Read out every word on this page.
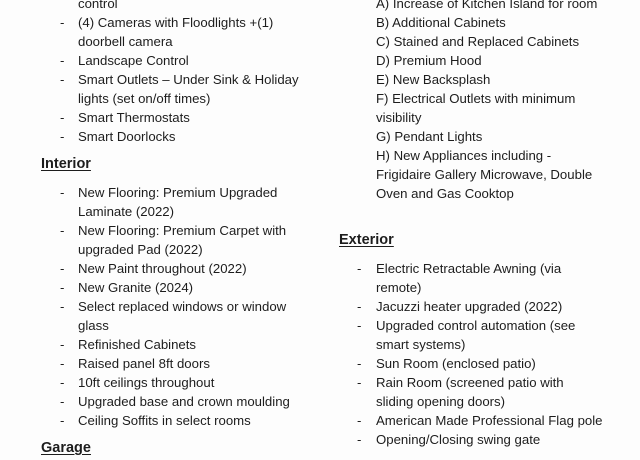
control
- (4) Cameras with Floodlights +(1)
doorbell camera
- Landscape Control
- Smart Outlets – Under Sink & Holiday
lights (set on/off times)
- Smart Thermostats
- Smart Doorlocks
Interior
- New Flooring: Premium Upgraded
Laminate (2022)
- New Flooring: Premium Carpet with
upgraded Pad (2022)
- New Paint throughout (2022)
- New Granite (2024)
- Select replaced windows or window
glass
- Refinished Cabinets
- Raised panel 8ft doors
- 10ft ceilings throughout
- Upgraded base and crown moulding
- Ceiling Soffits in select rooms
Garage
A) Increase of Kitchen Island for room
B) Additional Cabinets
C) Stained and Replaced Cabinets
D) Premium Hood
E) New Backsplash
F) Electrical Outlets with minimum
visibility
G) Pendant Lights
H) New Appliances including -
Frigidaire Gallery Microwave, Double
Oven and Gas Cooktop
Exterior
- Electric Retractable Awning (via
remote)
- Jacuzzi heater upgraded (2022)
- Upgraded control automation (see
smart systems)
- Sun Room (enclosed patio)
- Rain Room (screened patio with
sliding opening doors)
- American Made Professional Flag pole
- Opening/Closing swing gate
